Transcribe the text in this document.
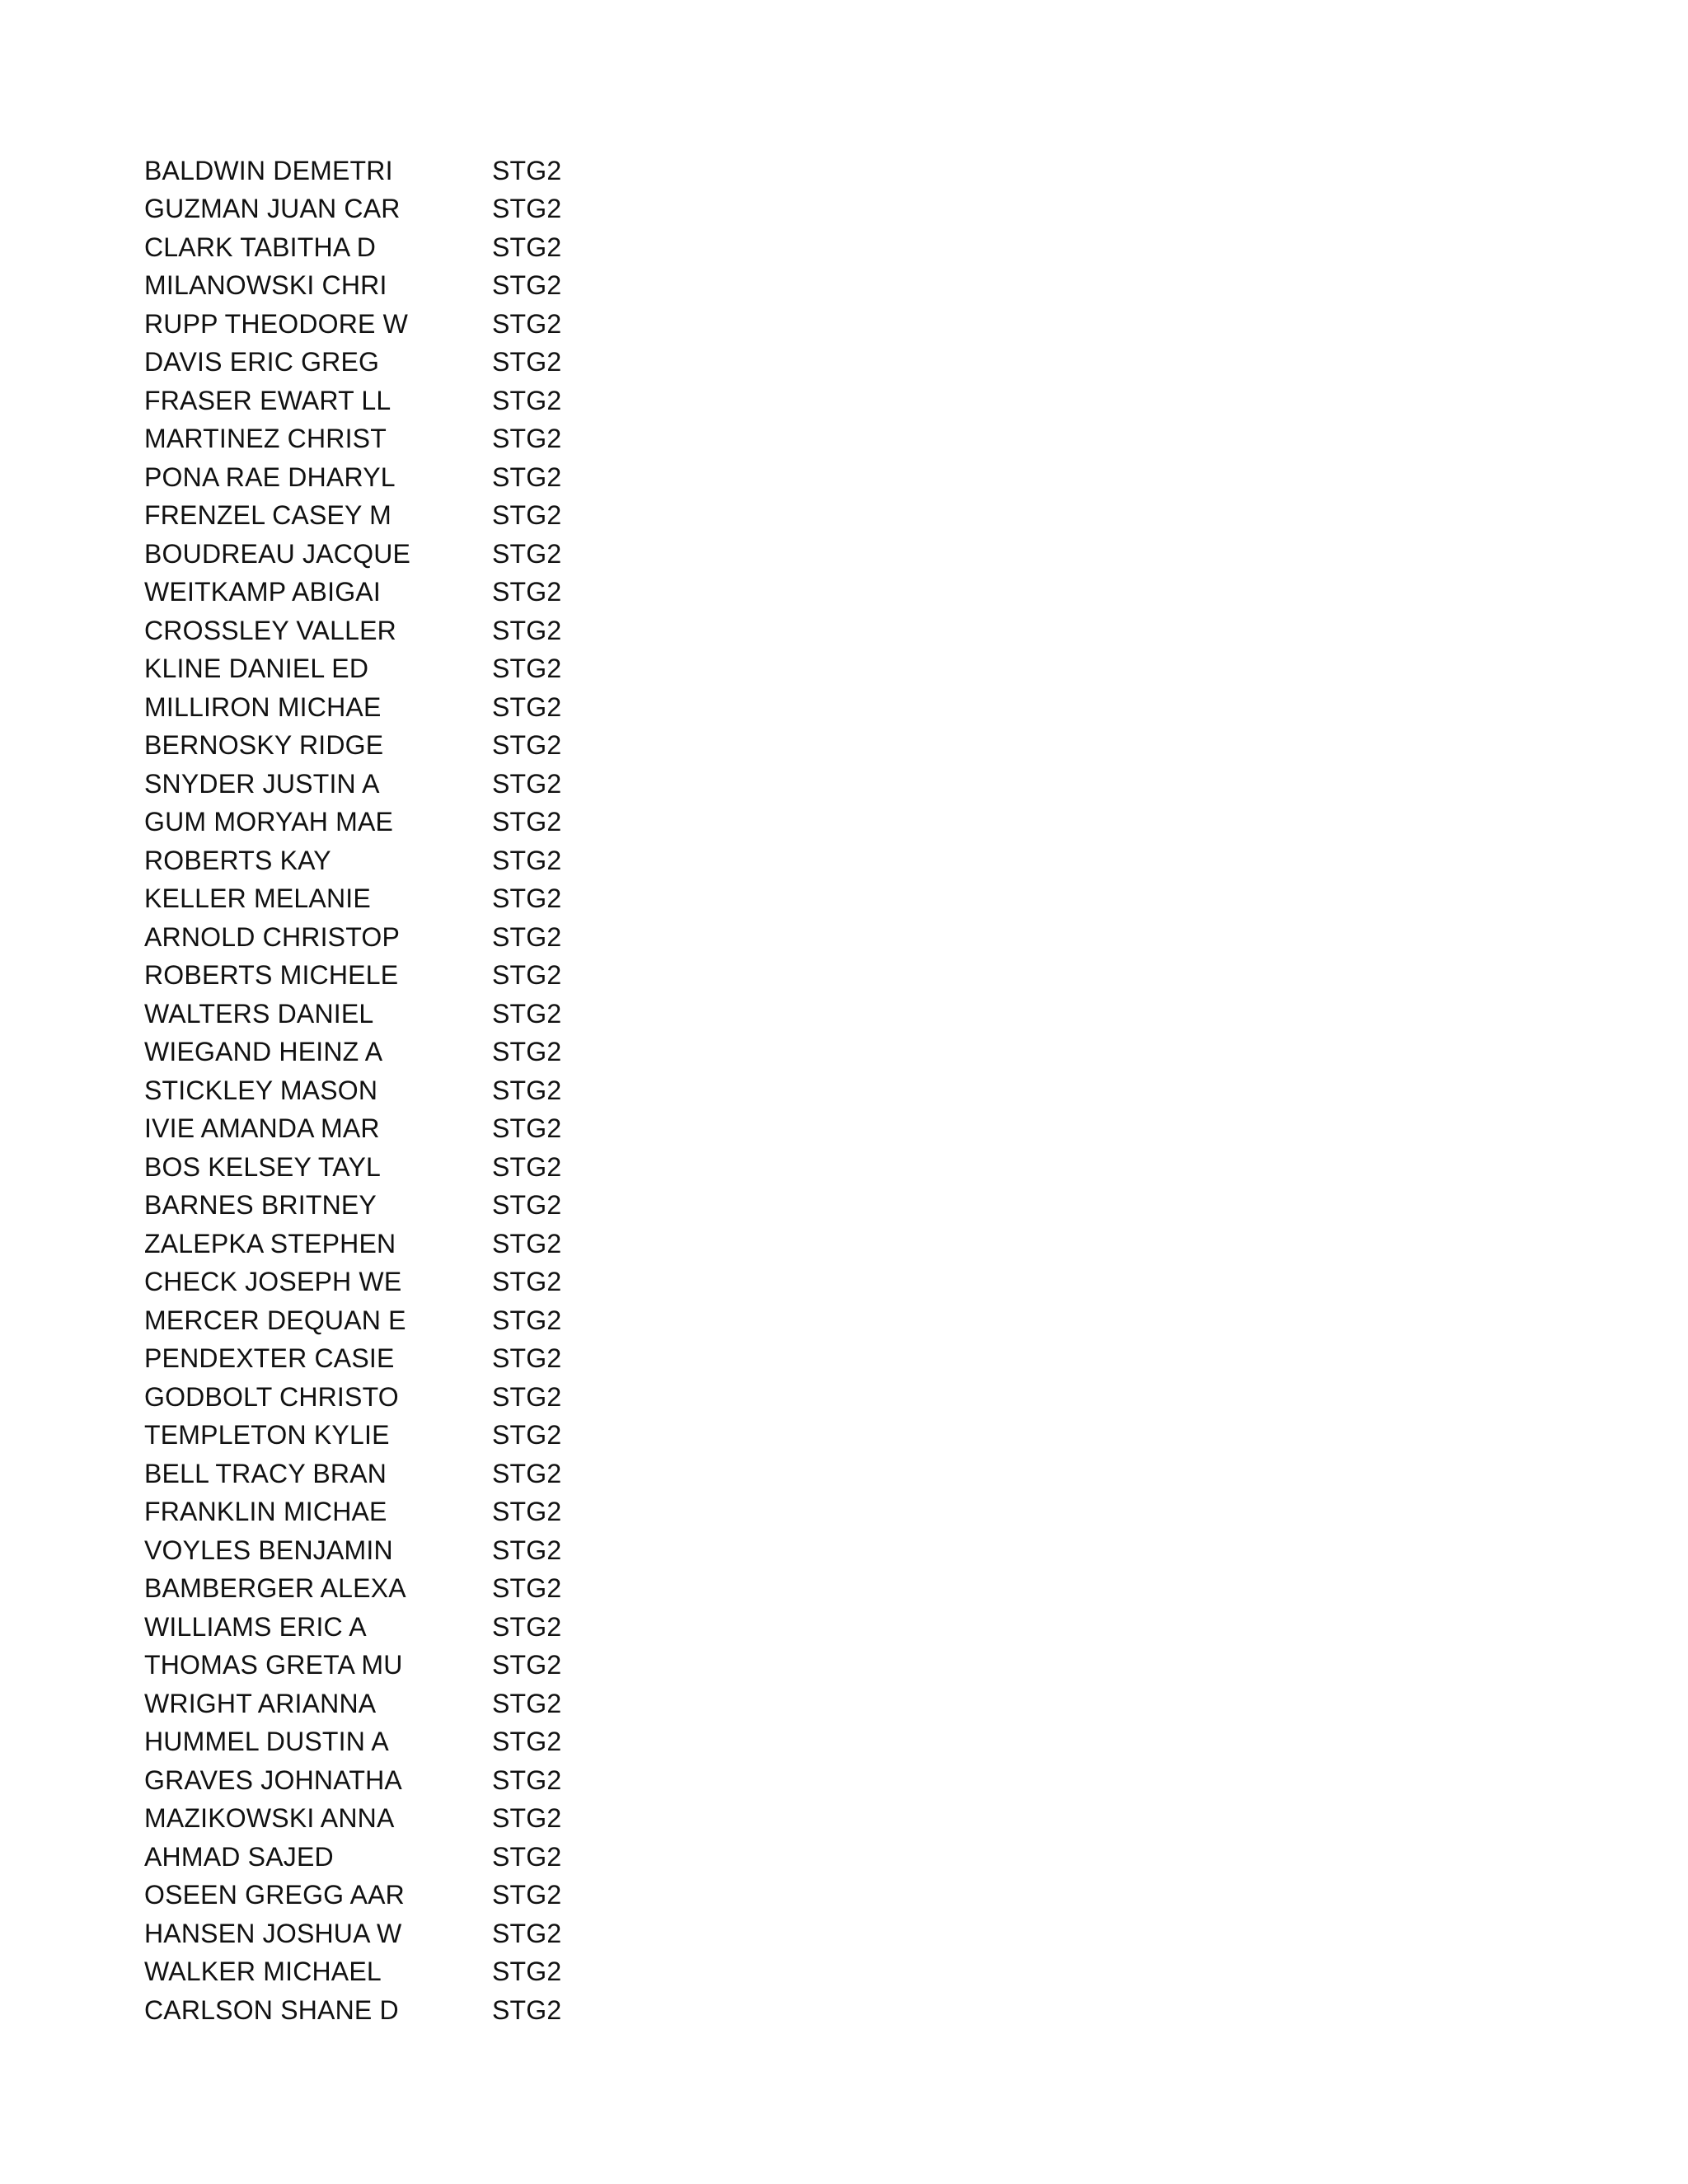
BALDWIN DEMETRI	STG2
GUZMAN JUAN CAR	STG2
CLARK TABITHA D	STG2
MILANOWSKI CHRI	STG2
RUPP THEODORE W	STG2
DAVIS ERIC GREG	STG2
FRASER EWART LL	STG2
MARTINEZ CHRIST	STG2
PONA RAE DHARYL	STG2
FRENZEL CASEY M	STG2
BOUDREAU JACQUE	STG2
WEITKAMP ABIGAI	STG2
CROSSLEY VALLER	STG2
KLINE DANIEL ED	STG2
MILLIRON MICHAE	STG2
BERNOSKY RIDGE	STG2
SNYDER JUSTIN A	STG2
GUM MORYAH MAE	STG2
ROBERTS KAY	STG2
KELLER MELANIE	STG2
ARNOLD CHRISTOP	STG2
ROBERTS MICHELE	STG2
WALTERS DANIEL	STG2
WIEGAND HEINZ A	STG2
STICKLEY MASON	STG2
IVIE AMANDA MAR	STG2
BOS KELSEY TAYL	STG2
BARNES BRITNEY	STG2
ZALEPKA STEPHEN	STG2
CHECK JOSEPH WE	STG2
MERCER DEQUAN E	STG2
PENDEXTER CASIE	STG2
GODBOLT CHRISTO	STG2
TEMPLETON KYLIE	STG2
BELL TRACY BRAN	STG2
FRANKLIN MICHAE	STG2
VOYLES BENJAMIN	STG2
BAMBERGER ALEXA	STG2
WILLIAMS ERIC A	STG2
THOMAS GRETA MU	STG2
WRIGHT ARIANNA	STG2
HUMMEL DUSTIN A	STG2
GRAVES JOHNATHA	STG2
MAZIKOWSKI ANNA	STG2
AHMAD SAJED	STG2
OSEEN GREGG AAR	STG2
HANSEN JOSHUA W	STG2
WALKER MICHAEL	STG2
CARLSON SHANE D	STG2
